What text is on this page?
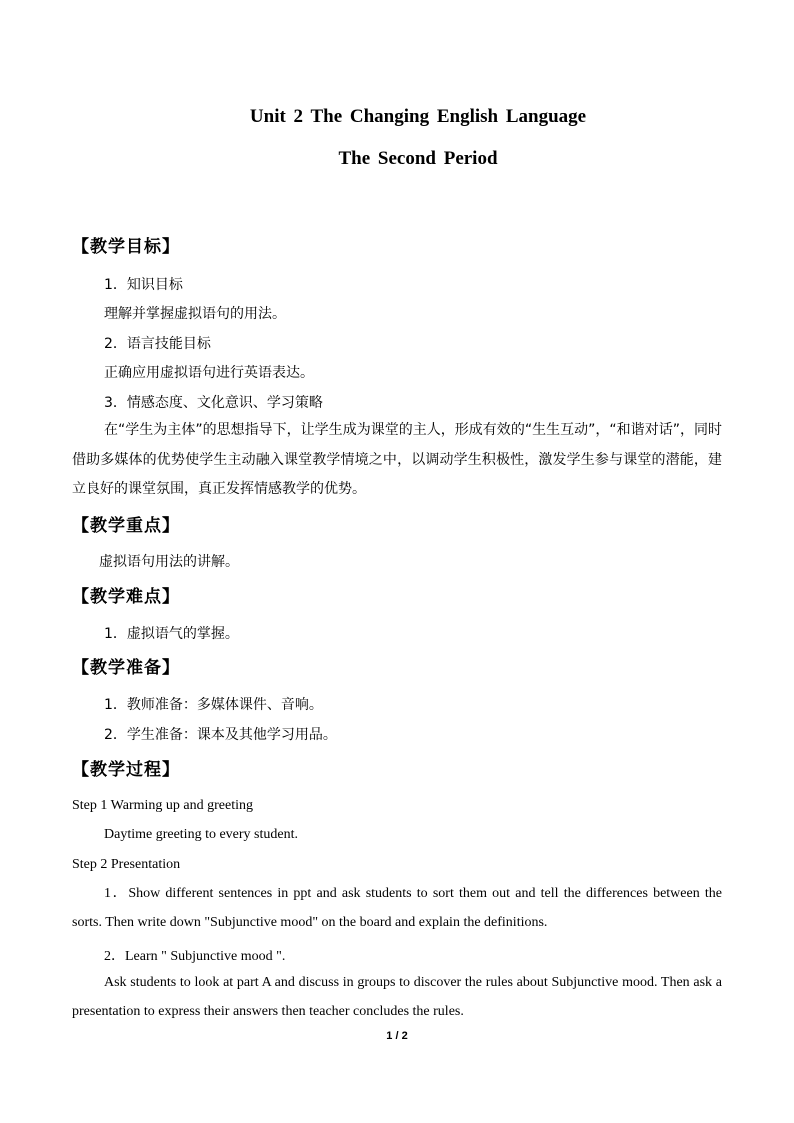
Unit 2 The Changing English Language
The Second Period
【教学目标】
1．知识目标
理解并掌握虚拟语句的用法。
2．语言技能目标
正确应用虚拟语句进行英语表达。
3．情感态度、文化意识、学习策略
在“学生为主体”的思想指导下，让学生成为课堂的主人，形成有效的“生生互动”，“和谐对话”，同时借助多媒体的优势使学生主动融入课堂教学情境之中，以调动学生积极性，激发学生参与课堂的潜能，建立良好的课堂氛围，真正发挥情感教学的优势。
【教学重点】
虚拟语句用法的讲解。
【教学难点】
1．虚拟语气的掌握。
【教学准备】
1．教师准备：多媒体课件、音响。
2．学生准备：课本及其他学习用品。
【教学过程】
Step 1 Warming up and greeting
Daytime greeting to every student.
Step 2 Presentation
1．Show different sentences in ppt and ask students to sort them out and tell the differences between the sorts. Then write down "Subjunctive mood" on the board and explain the definitions.
2．Learn " Subjunctive mood ".
Ask students to look at part A and discuss in groups to discover the rules about Subjunctive mood. Then ask a presentation to express their answers then teacher concludes the rules.
1 / 2
